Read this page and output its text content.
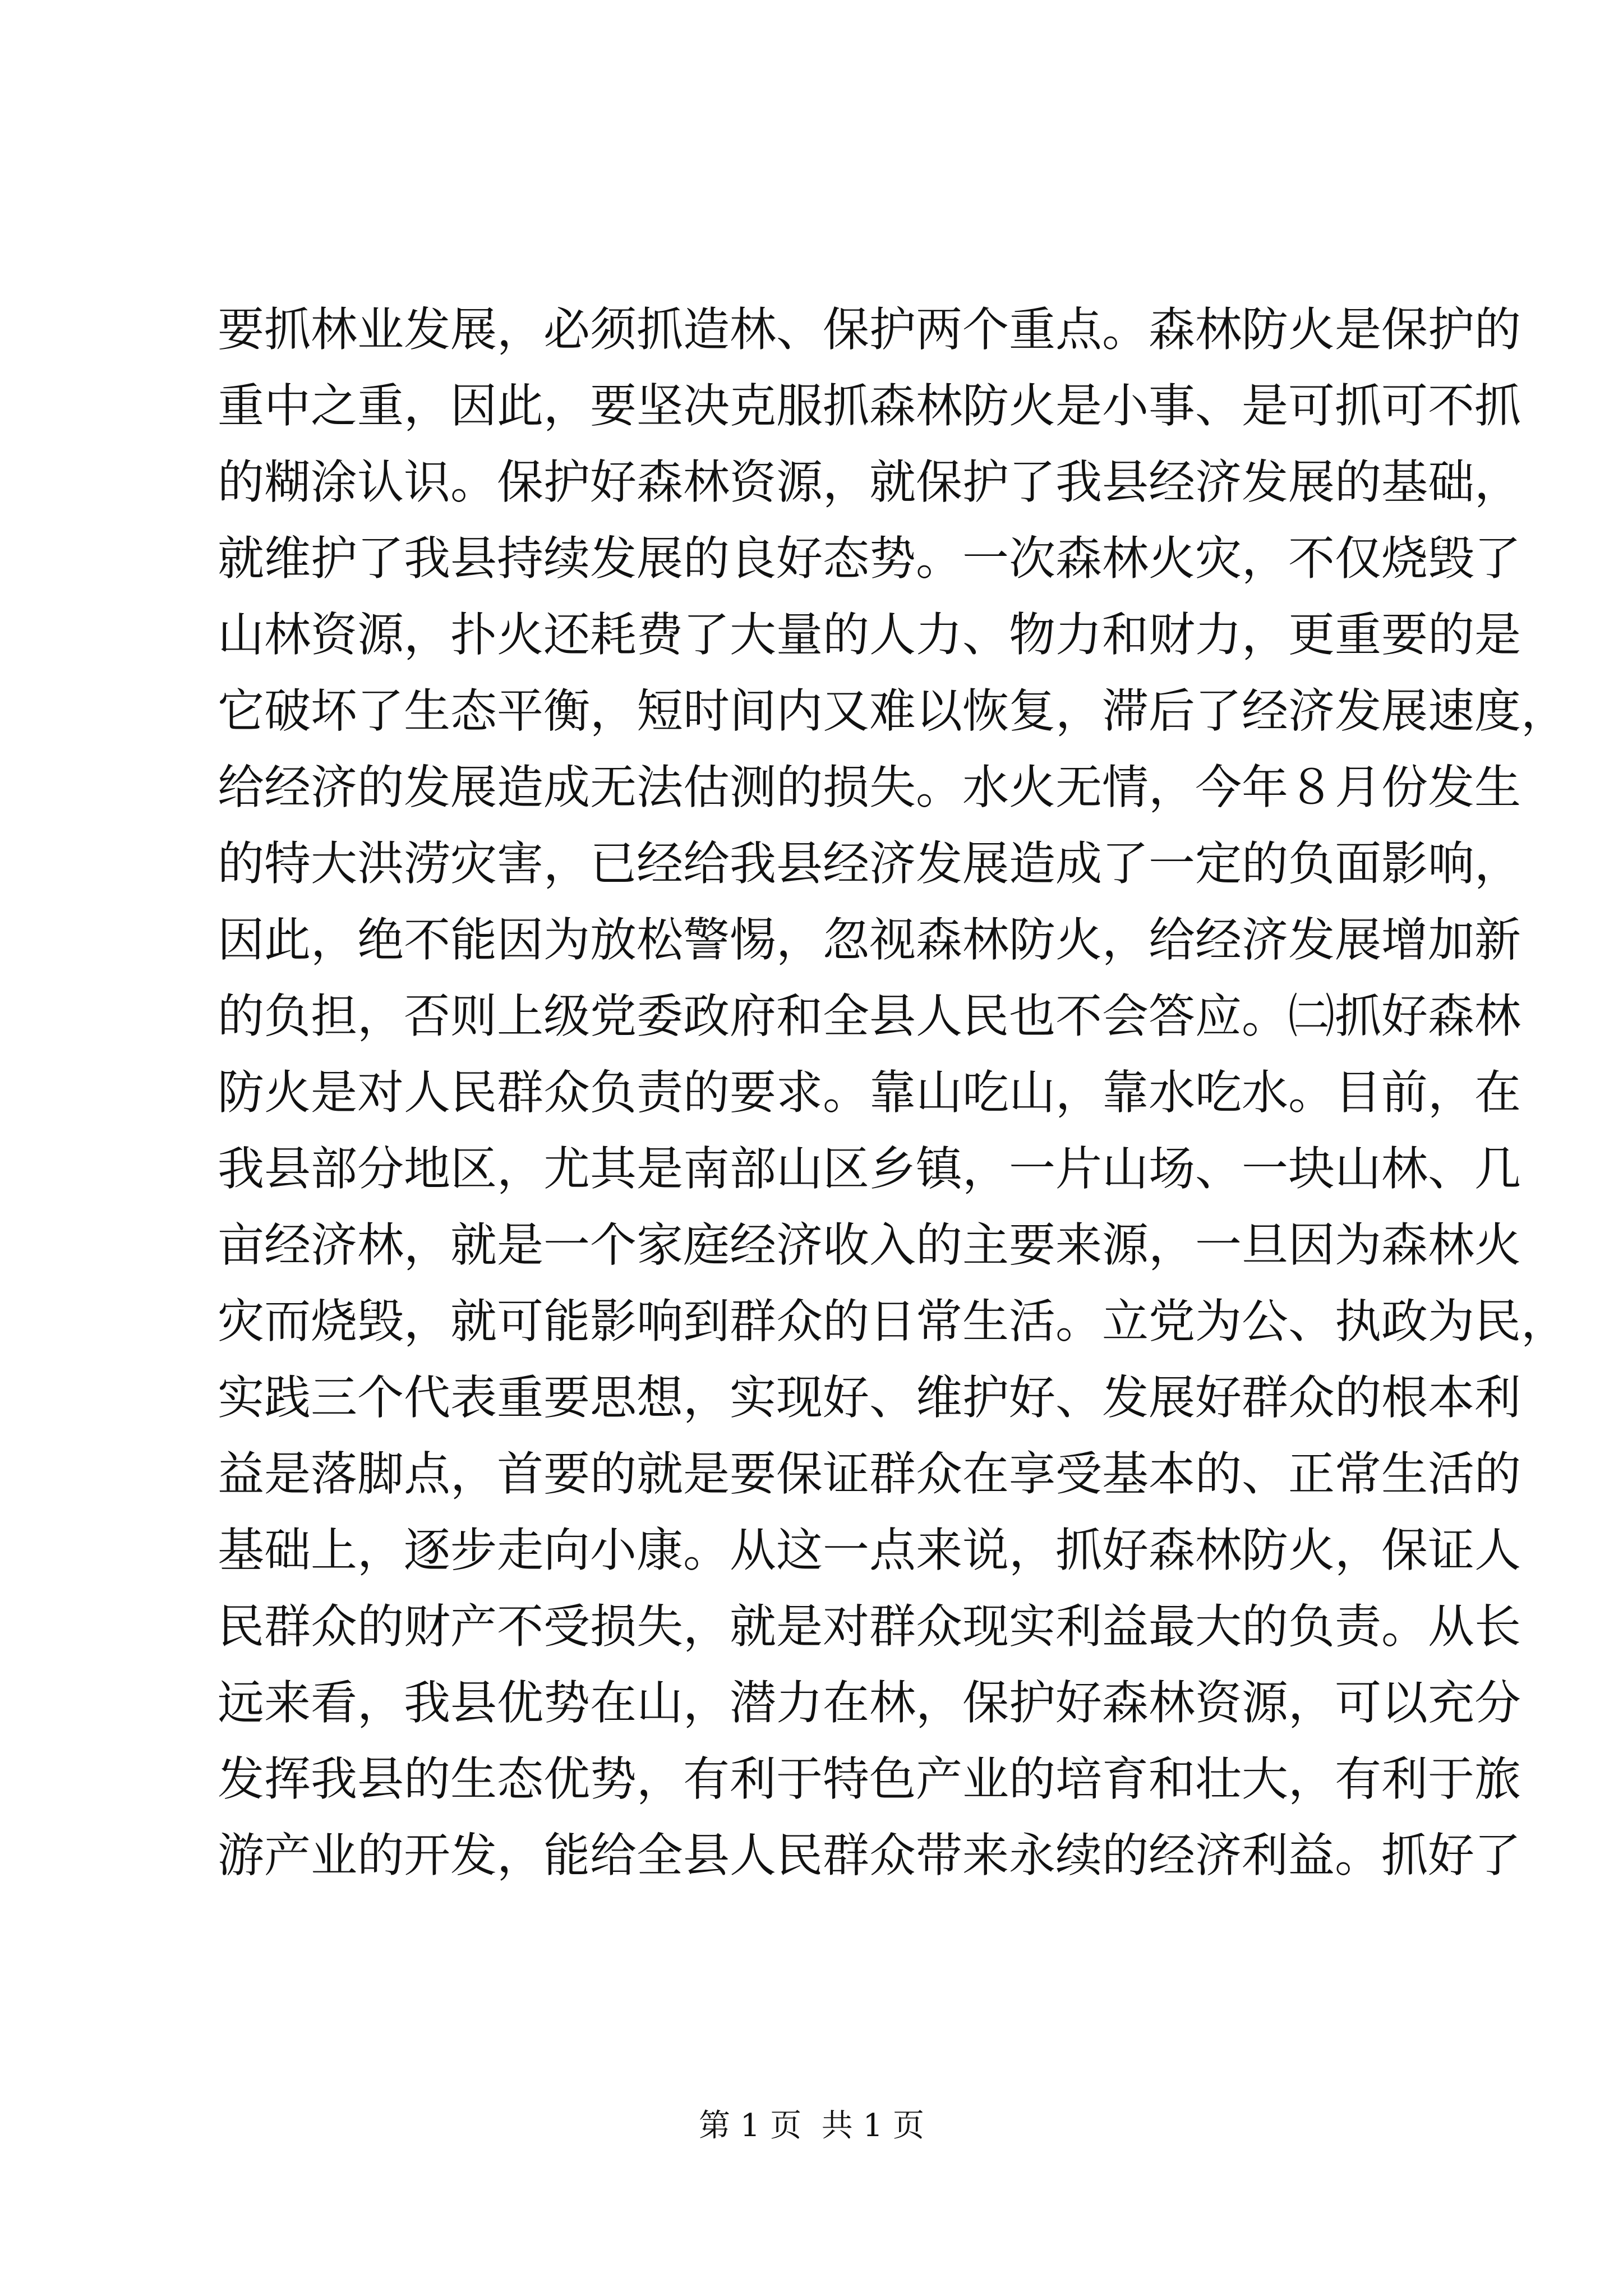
要抓林业发展，必须抓造林、保护两个重点。森林防火是保护的
重中之重，因此，要坚决克服抓森林防火是小事、是可抓可不抓
的糊涂认识。保护好森林资源，就保护了我县经济发展的基础，
就维护了我县持续发展的良好态势。一次森林火灾，不仅烧毁了
山林资源，扑火还耗费了大量的人力、物力和财力，更重要的是
它破坏了生态平衡，短时间内又难以恢复，滞后了经济发展速度，
给经济的发展造成无法估测的损失。水火无情，今年８月份发生
的特大洪涝灾害，已经给我县经济发展造成了一定的负面影响，
因此，绝不能因为放松警惕，忽视森林防火，给经济发展增加新
的负担，否则上级党委政府和全县人民也不会答应。㈡抓好森林
防火是对人民群众负责的要求。靠山吃山，靠水吃水。目前，在
我县部分地区，尤其是南部山区乡镇，一片山场、一块山林、几
亩经济林，就是一个家庭经济收入的主要来源，一旦因为森林火
灾而烧毁，就可能影响到群众的日常生活。立党为公、执政为民，
实践三个代表重要思想，实现好、维护好、发展好群众的根本利
益是落脚点，首要的就是要保证群众在享受基本的、正常生活的
基础上，逐步走向小康。从这一点来说，抓好森林防火，保证人
民群众的财产不受损失，就是对群众现实利益最大的负责。从长
远来看，我县优势在山，潜力在林，保护好森林资源，可以充分
发挥我县的生态优势，有利于特色产业的培育和壮大，有利于旅
游产业的开发，能给全县人民群众带来永续的经济利益。抓好了
第 1 页  共 1 页
